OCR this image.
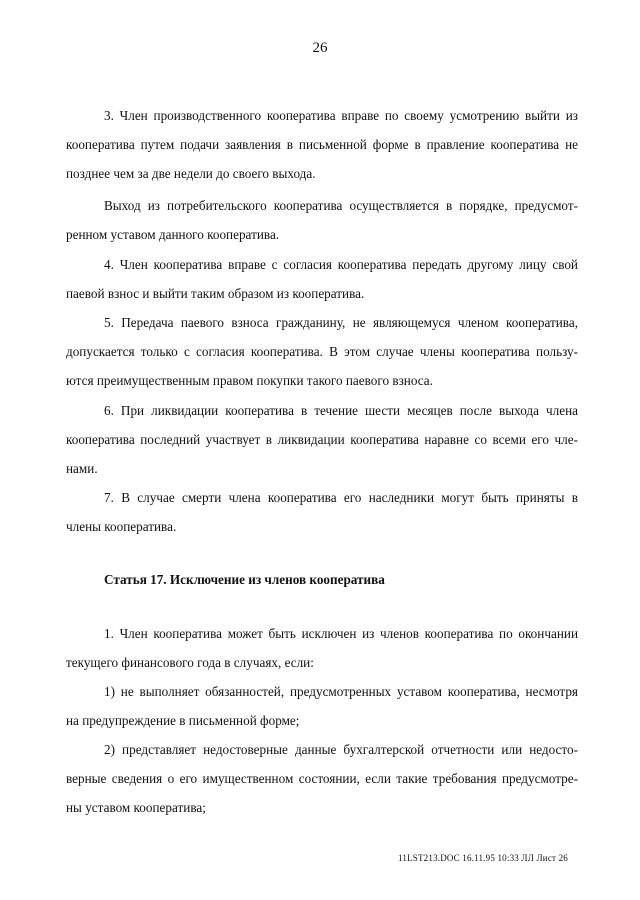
26
3. Член производственного кооператива вправе по своему усмотрению выйти из
кооператива путем подачи заявления в письменной форме в правление кооператива не
позднее чем за две недели до своего выхода.
Выход из потребительского кооператива осуществляется в порядке, предусмот-
ренном уставом данного кооператива.
4. Член кооператива вправе с согласия кооператива передать другому лицу свой
паевой взнос и выйти таким образом из кооператива.
5. Передача паевого взноса гражданину, не являющемуся членом кооператива,
допускается только с согласия кооператива. В этом случае члены кооператива пользу-
ются преимущественным правом покупки такого паевого взноса.
6. При ликвидации кооператива в течение шести месяцев после выхода члена
кооператива последний участвует в ликвидации кооператива наравне со всеми его чле-
нами.
7. В случае смерти члена кооператива его наследники могут быть приняты в
члены кооператива.
Статья 17. Исключение из членов кооператива
1. Член кооператива может быть исключен из членов кооператива по окончании
текущего финансового года в случаях, если:
1) не выполняет обязанностей, предусмотренных уставом кооператива, несмотря
на предупреждение в письменной форме;
2) представляет недостоверные данные бухгалтерской отчетности или недосто-
верные сведения о его имущественном состоянии, если такие требования предусмотре-
ны уставом кооператива;
11LST213.DOC 16.11.95 10:33 ЛЛ Лист 26
